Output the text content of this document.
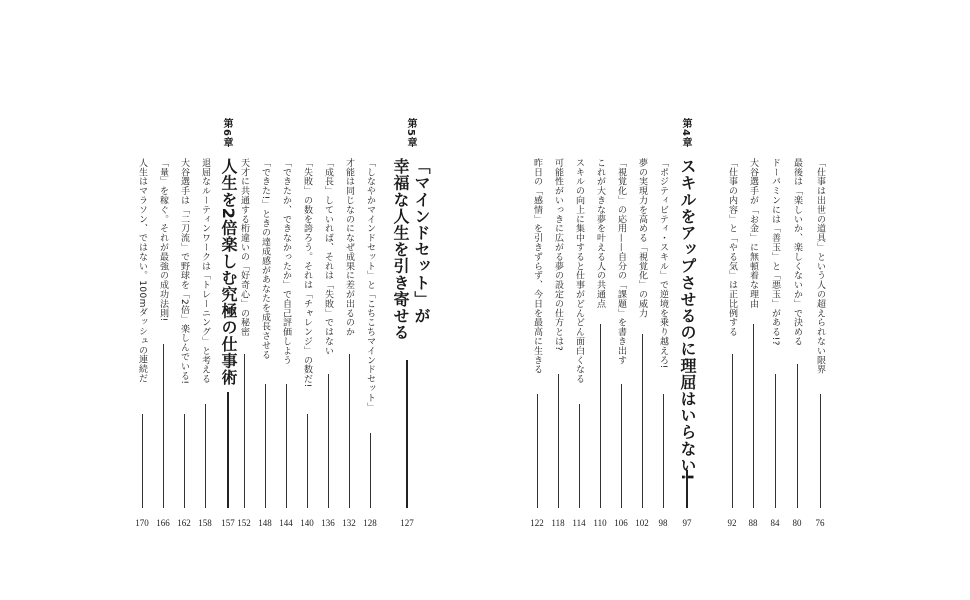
第5章
「マインドセット」が
幸福な人生を引き寄せる
127
「しなやかマインドセット」と「こちこちマインドセット」
128
才能は同じなのになぜ成果に差が出るのか
132
「成長」していれば、それは「失敗」ではない
136
「失敗」の数を誇ろう。それは「チャレンジ」の数だ!
140
「できたか、できなかったか」で自己評価しよう
144
「できた!」ときの達成感があなたを成長させる
148
天才に共通する桁違いの「好奇心」の秘密
152
第6章
人生を2倍楽しむ究極の仕事術
157
退屈なルーティンワークは「トレーニング」と考える
158
大谷選手は「二刀流」で野球を「2倍」楽しんでいる!
162
「量」を稼ぐ。それが最強の成功法則!
166
人生はマラソン、ではない。100mダッシュの連続だ
170
「仕事は出世の道具」という人の超えられない限界
76
最後は「楽しいか、楽しくないか」で決める
80
ドーパミンには「善玉」と「悪玉」がある!?
84
大谷選手が「お金」に無頓着な理由
88
「仕事の内容」と「やる気」は正比例する
92
第4章
スキルをアップさせるのに理屈はいらない!
97
「ポジティビティ・スキル」で逆境を乗り越えろ!
98
夢の実現力を高める「視覚化」の威力
102
「視覚化」の応用——自分の「課題」を書き出す
106
これが大きな夢を叶える人の共通点
110
スキルの向上に集中すると仕事がどんどん面白くなる
114
可能性がいっきに広がる夢の設定の仕方とは?
118
昨日の「感情」を引きずらず、今日を最高に生きる
122
